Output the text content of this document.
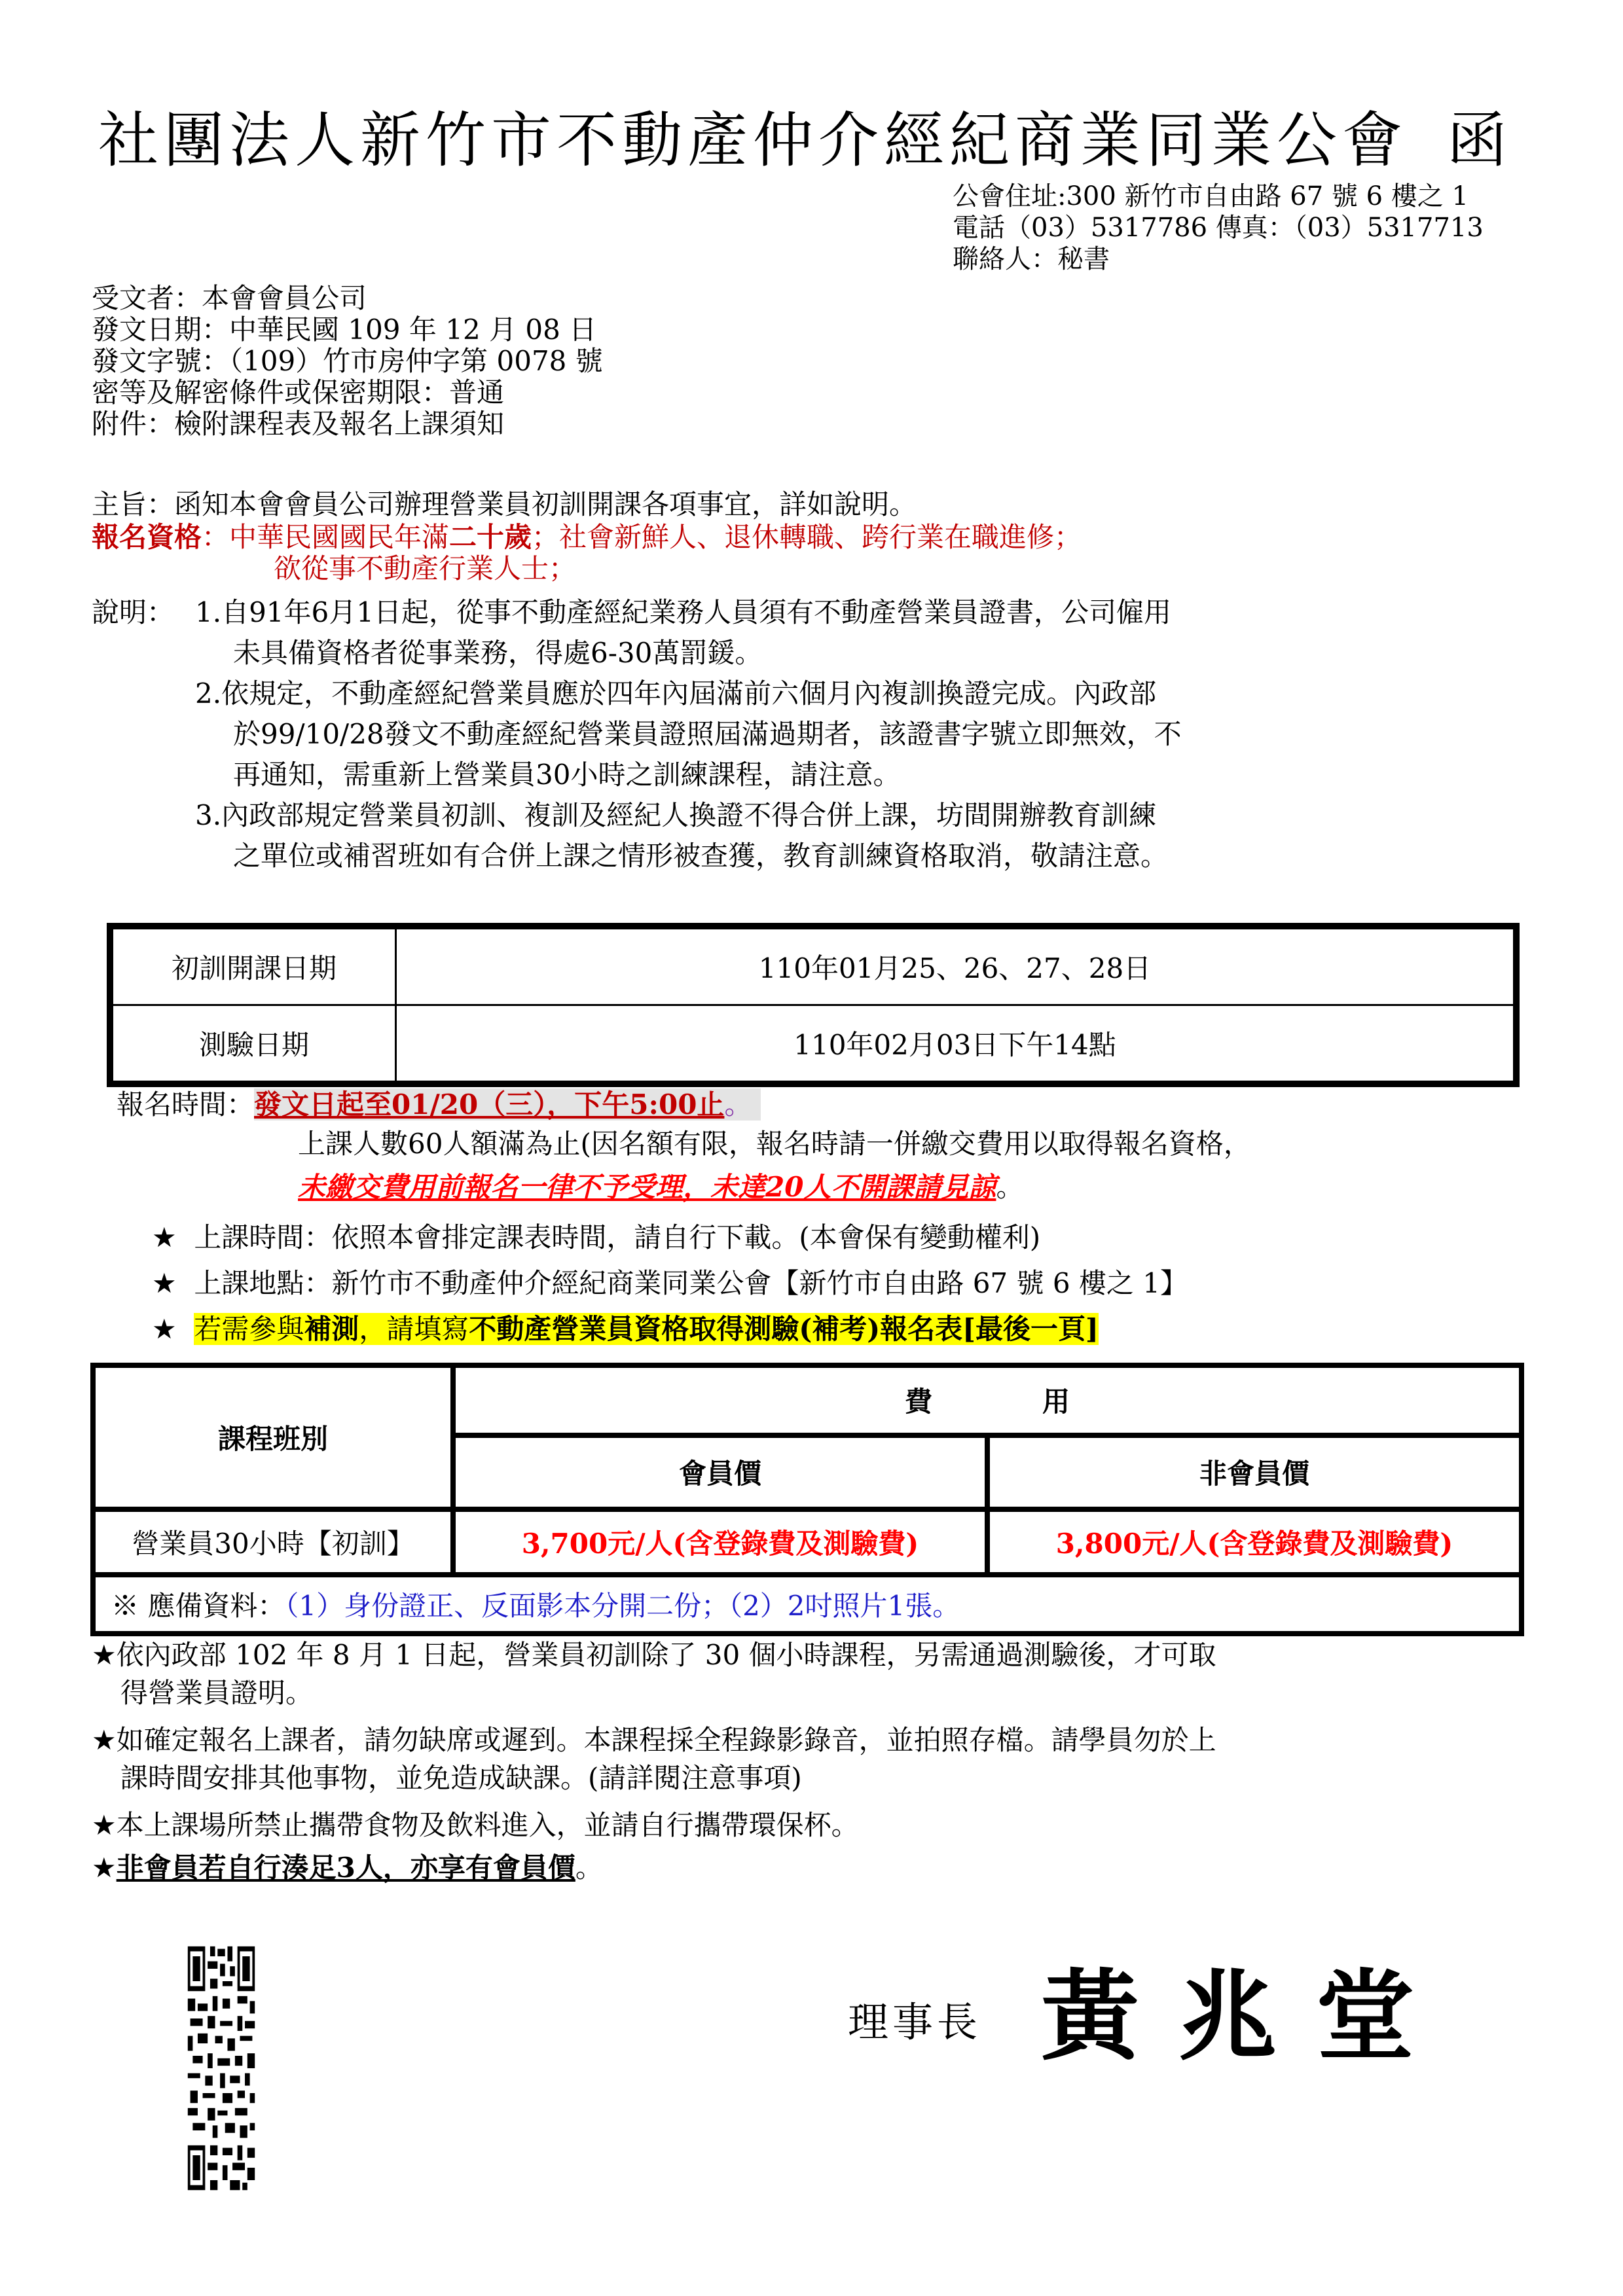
社團法人新竹市不動產仲介經紀商業同業公會 函
公會住址:300 新竹市自由路 67 號 6 樓之 1
電話（03）5317786 傳真：（03）5317713
聯絡人：秘書
受文者：本會會員公司
發文日期：中華民國 109 年 12 月 08 日
發文字號：（109）竹市房仲字第 0078 號
密等及解密條件或保密期限：普通
附件：檢附課程表及報名上課須知
主旨：函知本會會員公司辦理營業員初訓開課各項事宜，詳如說明。
報名資格：中華民國國民年滿二十歲；社會新鮮人、退休轉職、跨行業在職進修；
欲從事不動產行業人士；
說明： 1.自91年6月1日起，從事不動產經紀業務人員須有不動產營業員證書，公司僱用
未具備資格者從事業務，得處6-30萬罰鍰。
2.依規定，不動產經紀營業員應於四年內屆滿前六個月內複訓換證完成。內政部
於99/10/28發文不動產經紀營業員證照屆滿過期者，該證書字號立即無效，不
再通知，需重新上營業員30小時之訓練課程，請注意。
3.內政部規定營業員初訓、複訓及經紀人換證不得合併上課，坊間開辦教育訓練
之單位或補習班如有合併上課之情形被查獲，教育訓練資格取消，敬請注意。
初訓開課日期	110年01月25、26、27、28日
測驗日期	110年02月03日下午14點
報名時間：發文日起至01/20（三），下午5:00止。
上課人數60人額滿為止(因名額有限，報名時請一併繳交費用以取得報名資格，
未繳交費用前報名一律不予受理，未達20人不開課請見諒。
★ 上課時間：依照本會排定課表時間，請自行下載。(本會保有變動權利)
★ 上課地點：新竹市不動產仲介經紀商業同業公會【新竹市自由路 67 號 6 樓之 1】
★ 若需參與補測，請填寫不動產營業員資格取得測驗(補考)報名表[最後一頁]
課程班別	費　　　　用	
	會員價	非會員價
營業員30小時【初訓】	3,700元/人(含登錄費及測驗費)	3,800元/人(含登錄費及測驗費)
※ 應備資料：（1）身份證正、反面影本分開二份；（2）2吋照片1張。		
★依內政部 102 年 8 月 1 日起，營業員初訓除了 30 個小時課程，另需通過測驗後，才可取
得營業員證明。
★如確定報名上課者，請勿缺席或遲到。本課程採全程錄影錄音，並拍照存檔。請學員勿於上
課時間安排其他事物，並免造成缺課。(請詳閱注意事項)
★本上課場所禁止攜帶食物及飲料進入，並請自行攜帶環保杯。
★非會員若自行湊足3人，亦享有會員價。
理事長 黃兆堂
